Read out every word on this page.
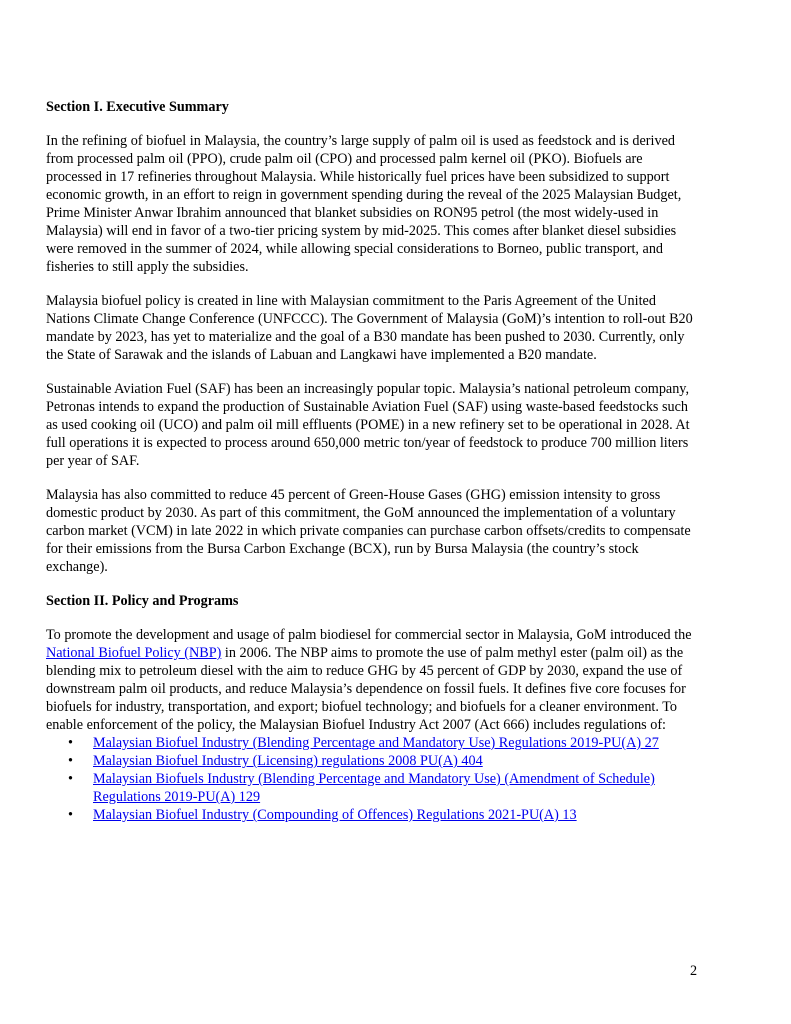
Section I. Executive Summary

In the refining of biofuel in Malaysia, the country’s large supply of palm oil is used as feedstock and is derived from processed palm oil (PPO), crude palm oil (CPO) and processed palm kernel oil (PKO). Biofuels are processed in 17 refineries throughout Malaysia. While historically fuel prices have been subsidized to support economic growth, in an effort to reign in government spending during the reveal of the 2025 Malaysian Budget, Prime Minister Anwar Ibrahim announced that blanket subsidies on RON95 petrol (the most widely-used in Malaysia) will end in favor of a two-tier pricing system by mid-2025. This comes after blanket diesel subsidies were removed in the summer of 2024, while allowing special considerations to Borneo, public transport, and fisheries to still apply the subsidies.

Malaysia biofuel policy is created in line with Malaysian commitment to the Paris Agreement of the United Nations Climate Change Conference (UNFCCC). The Government of Malaysia (GoM)’s intention to roll-out B20 mandate by 2023, has yet to materialize and the goal of a B30 mandate has been pushed to 2030. Currently, only the State of Sarawak and the islands of Labuan and Langkawi have implemented a B20 mandate.

Sustainable Aviation Fuel (SAF) has been an increasingly popular topic. Malaysia’s national petroleum company, Petronas intends to expand the production of Sustainable Aviation Fuel (SAF) using waste-based feedstocks such as used cooking oil (UCO) and palm oil mill effluents (POME) in a new refinery set to be operational in 2028. At full operations it is expected to process around 650,000 metric ton/year of feedstock to produce 700 million liters per year of SAF.

Malaysia has also committed to reduce 45 percent of Green-House Gases (GHG) emission intensity to gross domestic product by 2030. As part of this commitment, the GoM announced the implementation of a voluntary carbon market (VCM) in late 2022 in which private companies can purchase carbon offsets/credits to compensate for their emissions from the Bursa Carbon Exchange (BCX), run by Bursa Malaysia (the country’s stock exchange).

Section II. Policy and Programs

To promote the development and usage of palm biodiesel for commercial sector in Malaysia, GoM introduced the National Biofuel Policy (NBP) in 2006. The NBP aims to promote the use of palm methyl ester (palm oil) as the blending mix to petroleum diesel with the aim to reduce GHG by 45 percent of GDP by 2030, expand the use of downstream palm oil products, and reduce Malaysia’s dependence on fossil fuels. It defines five core focuses for biofuels for industry, transportation, and export; biofuel technology; and biofuels for a cleaner environment. To enable enforcement of the policy, the Malaysian Biofuel Industry Act 2007 (Act 666) includes regulations of:

• Malaysian Biofuel Industry (Blending Percentage and Mandatory Use) Regulations 2019-PU(A) 27
• Malaysian Biofuel Industry (Licensing) regulations 2008 PU(A) 404
• Malaysian Biofuels Industry (Blending Percentage and Mandatory Use) (Amendment of Schedule) Regulations 2019-PU(A) 129
• Malaysian Biofuel Industry (Compounding of Offences) Regulations 2021-PU(A) 13
2
